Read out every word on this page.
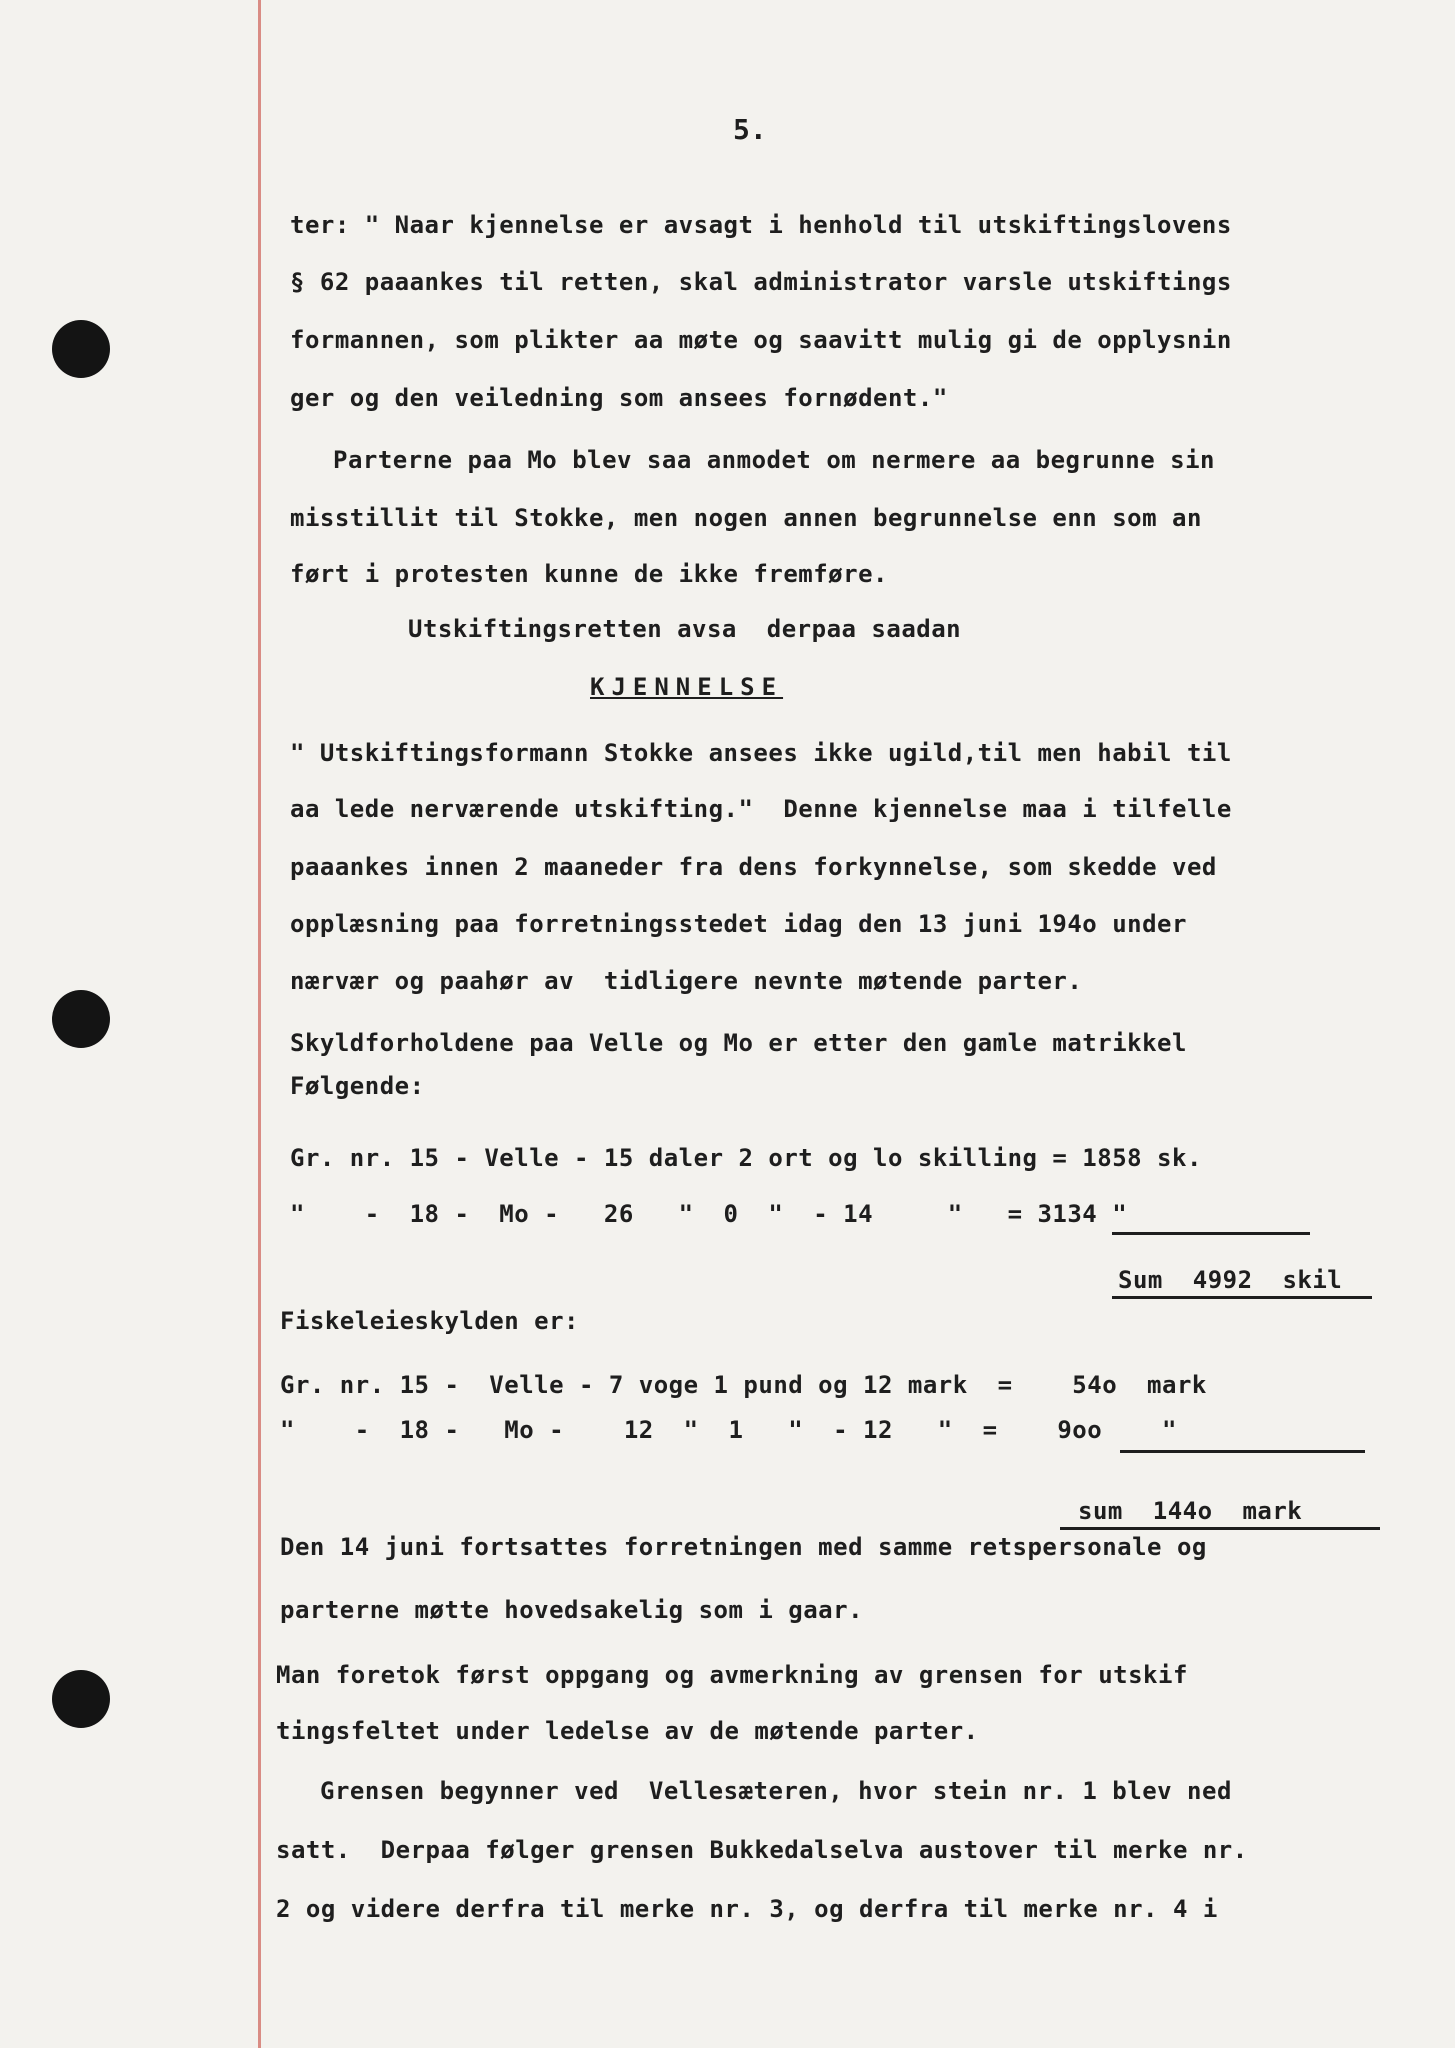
5.
ter: " Naar kjennelse er avsagt i henhold til utskiftingslovens
§ 62 paaankes til retten, skal administrator varsle utskiftings
formannen, som plikter aa møte og saavitt mulig gi de opplysnin
ger og den veiledning som ansees fornødent."
Parterne paa Mo blev saa anmodet om nermere aa begrunne sin
misstillit til Stokke, men nogen annen begrunnelse enn som an
ført i protesten kunne de ikke fremføre.
Utskiftingsretten avsa  derpaa saadan
KJENNELSE
" Utskiftingsformann Stokke ansees ikke ugild,til men habil til
aa lede nerværende utskifting."  Denne kjennelse maa i tilfelle
paaankes innen 2 maaneder fra dens forkynnelse, som skedde ved
opplæsning paa forretningsstedet idag den 13 juni 194o under
nærvær og paahør av  tidligere nevnte møtende parter.
Skyldforholdene paa Velle og Mo er etter den gamle matrikkel
Følgende:
Gr. nr. 15 - Velle - 15 daler 2 ort og lo skilling = 1858 sk.
"    -  18 -  Mo -   26   "  0  "  - 14     "   = 3134 "
Sum  4992  skil
Fiskeleieskylden er:
Gr. nr. 15 -  Velle - 7 voge 1 pund og 12 mark  =    54o  mark
"    -  18 -   Mo -    12  "  1   "  - 12   "  =    9oo    "
sum  144o  mark
Den 14 juni fortsattes forretningen med samme retspersonale og
parterne møtte hovedsakelig som i gaar.
Man foretok først oppgang og avmerkning av grensen for utskif
tingsfeltet under ledelse av de møtende parter.
Grensen begynner ved  Vellesæteren, hvor stein nr. 1 blev ned
satt.  Derpaa følger grensen Bukkedalselva austover til merke nr.
2 og videre derfra til merke nr. 3, og derfra til merke nr. 4 i
